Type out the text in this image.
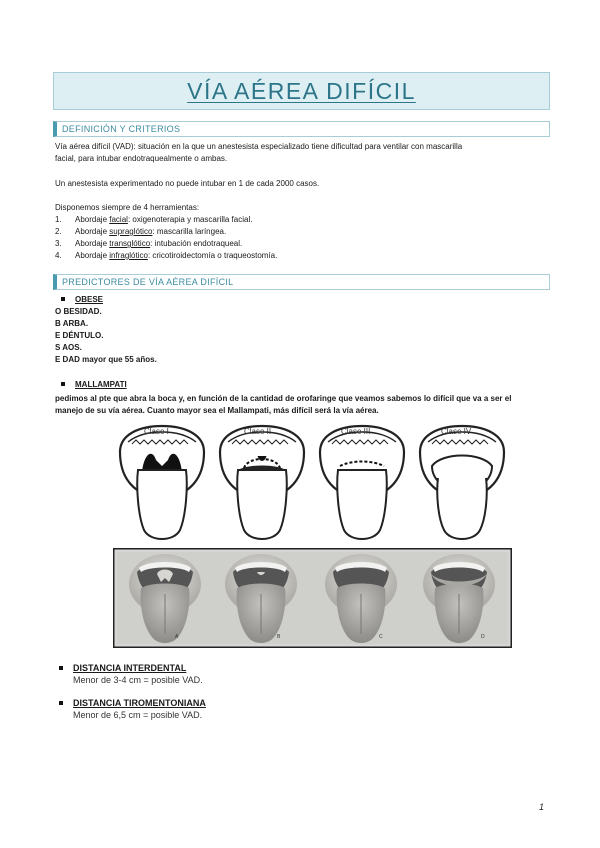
VÍA AÉREA DIFÍCIL
DEFINICIÓN Y CRITERIOS
Vía aérea difícil (VAD): situación en la que un anestesista especializado tiene dificultad para ventilar con mascarilla
facial, para intubar endotraquealmente o ambas.
Un anestesista experimentado no puede intubar en 1 de cada 2000 casos.
Disponemos siempre de 4 herramientas:
1. Abordaje facial: oxigenoterapia y mascarilla facial.
2. Abordaje supraglótico: mascarilla laríngea.
3. Abordaje transglótico: intubación endotraqueal.
4. Abordaje infraglótico: cricotiroidectomía o traqueostomía.
PREDICTORES DE VÍA AÉREA DIFÍCIL
OBESE
O BESIDAD.
B ARBA.
E DÉNTULO.
S AOS.
E DAD mayor que 55 años.
MALLAMPATI
pedimos al pte que abra la boca y, en función de la cantidad de orofaringe que veamos sabemos lo difícil que va a ser el
manejo de su vía aérea. Cuanto mayor sea el Mallampati, más difícil será la vía aérea.
Clase I	Clase II	Clase III	Clase IV
A	B	C	D
DISTANCIA INTERDENTAL
Menor de 3-4 cm = posible VAD.
DISTANCIA TIROMENTONIANA
Menor de 6,5 cm = posible VAD.
1
